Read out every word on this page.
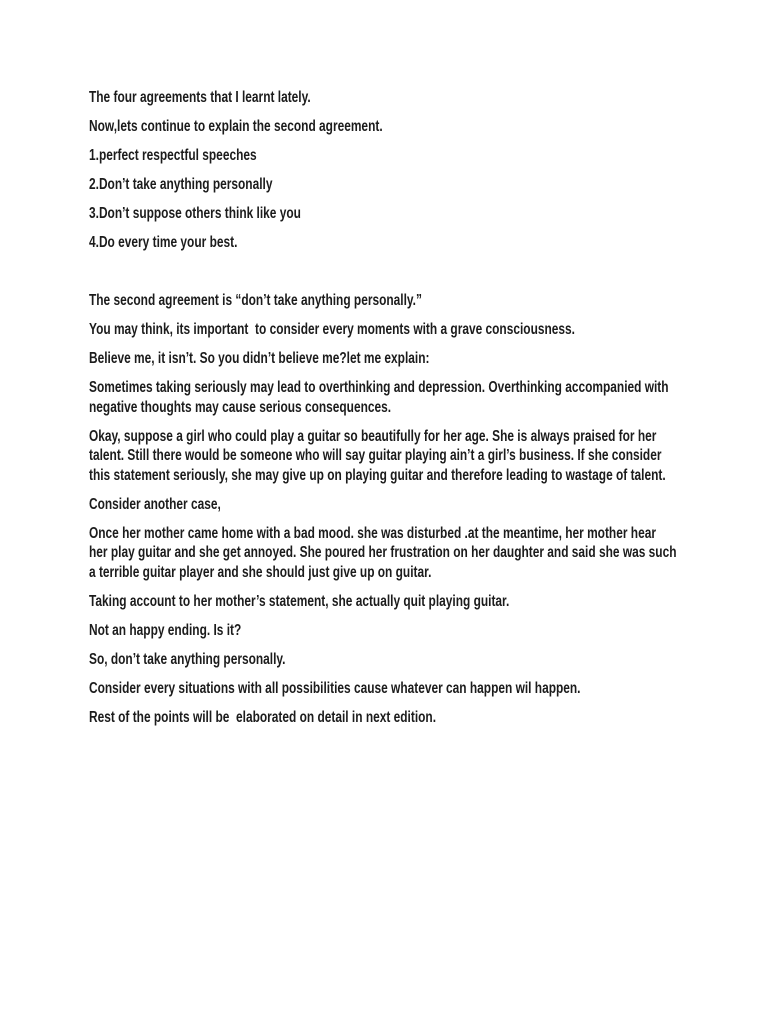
The four agreements that I learnt lately.

Now,lets continue to explain the second agreement.

1.perfect respectful speeches

2.Don’t take anything personally

3.Don’t suppose others think like you

4.Do every time your best.

The second agreement is “don’t take anything personally.”

You may think, its important  to consider every moments with a grave consciousness.

Believe me, it isn’t. So you didn’t believe me?let me explain:

Sometimes taking seriously may lead to overthinking and depression. Overthinking accompanied with negative thoughts may cause serious consequences.

Okay, suppose a girl who could play a guitar so beautifully for her age. She is always praised for her talent. Still there would be someone who will say guitar playing ain’t a girl’s business. If she consider this statement seriously, she may give up on playing guitar and therefore leading to wastage of talent.

Consider another case,

Once her mother came home with a bad mood. she was disturbed .at the meantime, her mother hear her play guitar and she get annoyed. She poured her frustration on her daughter and said she was such a terrible guitar player and she should just give up on guitar.

Taking account to her mother’s statement, she actually quit playing guitar.

Not an happy ending. Is it?

So, don’t take anything personally.

Consider every situations with all possibilities cause whatever can happen wil happen.

Rest of the points will be  elaborated on detail in next edition.
